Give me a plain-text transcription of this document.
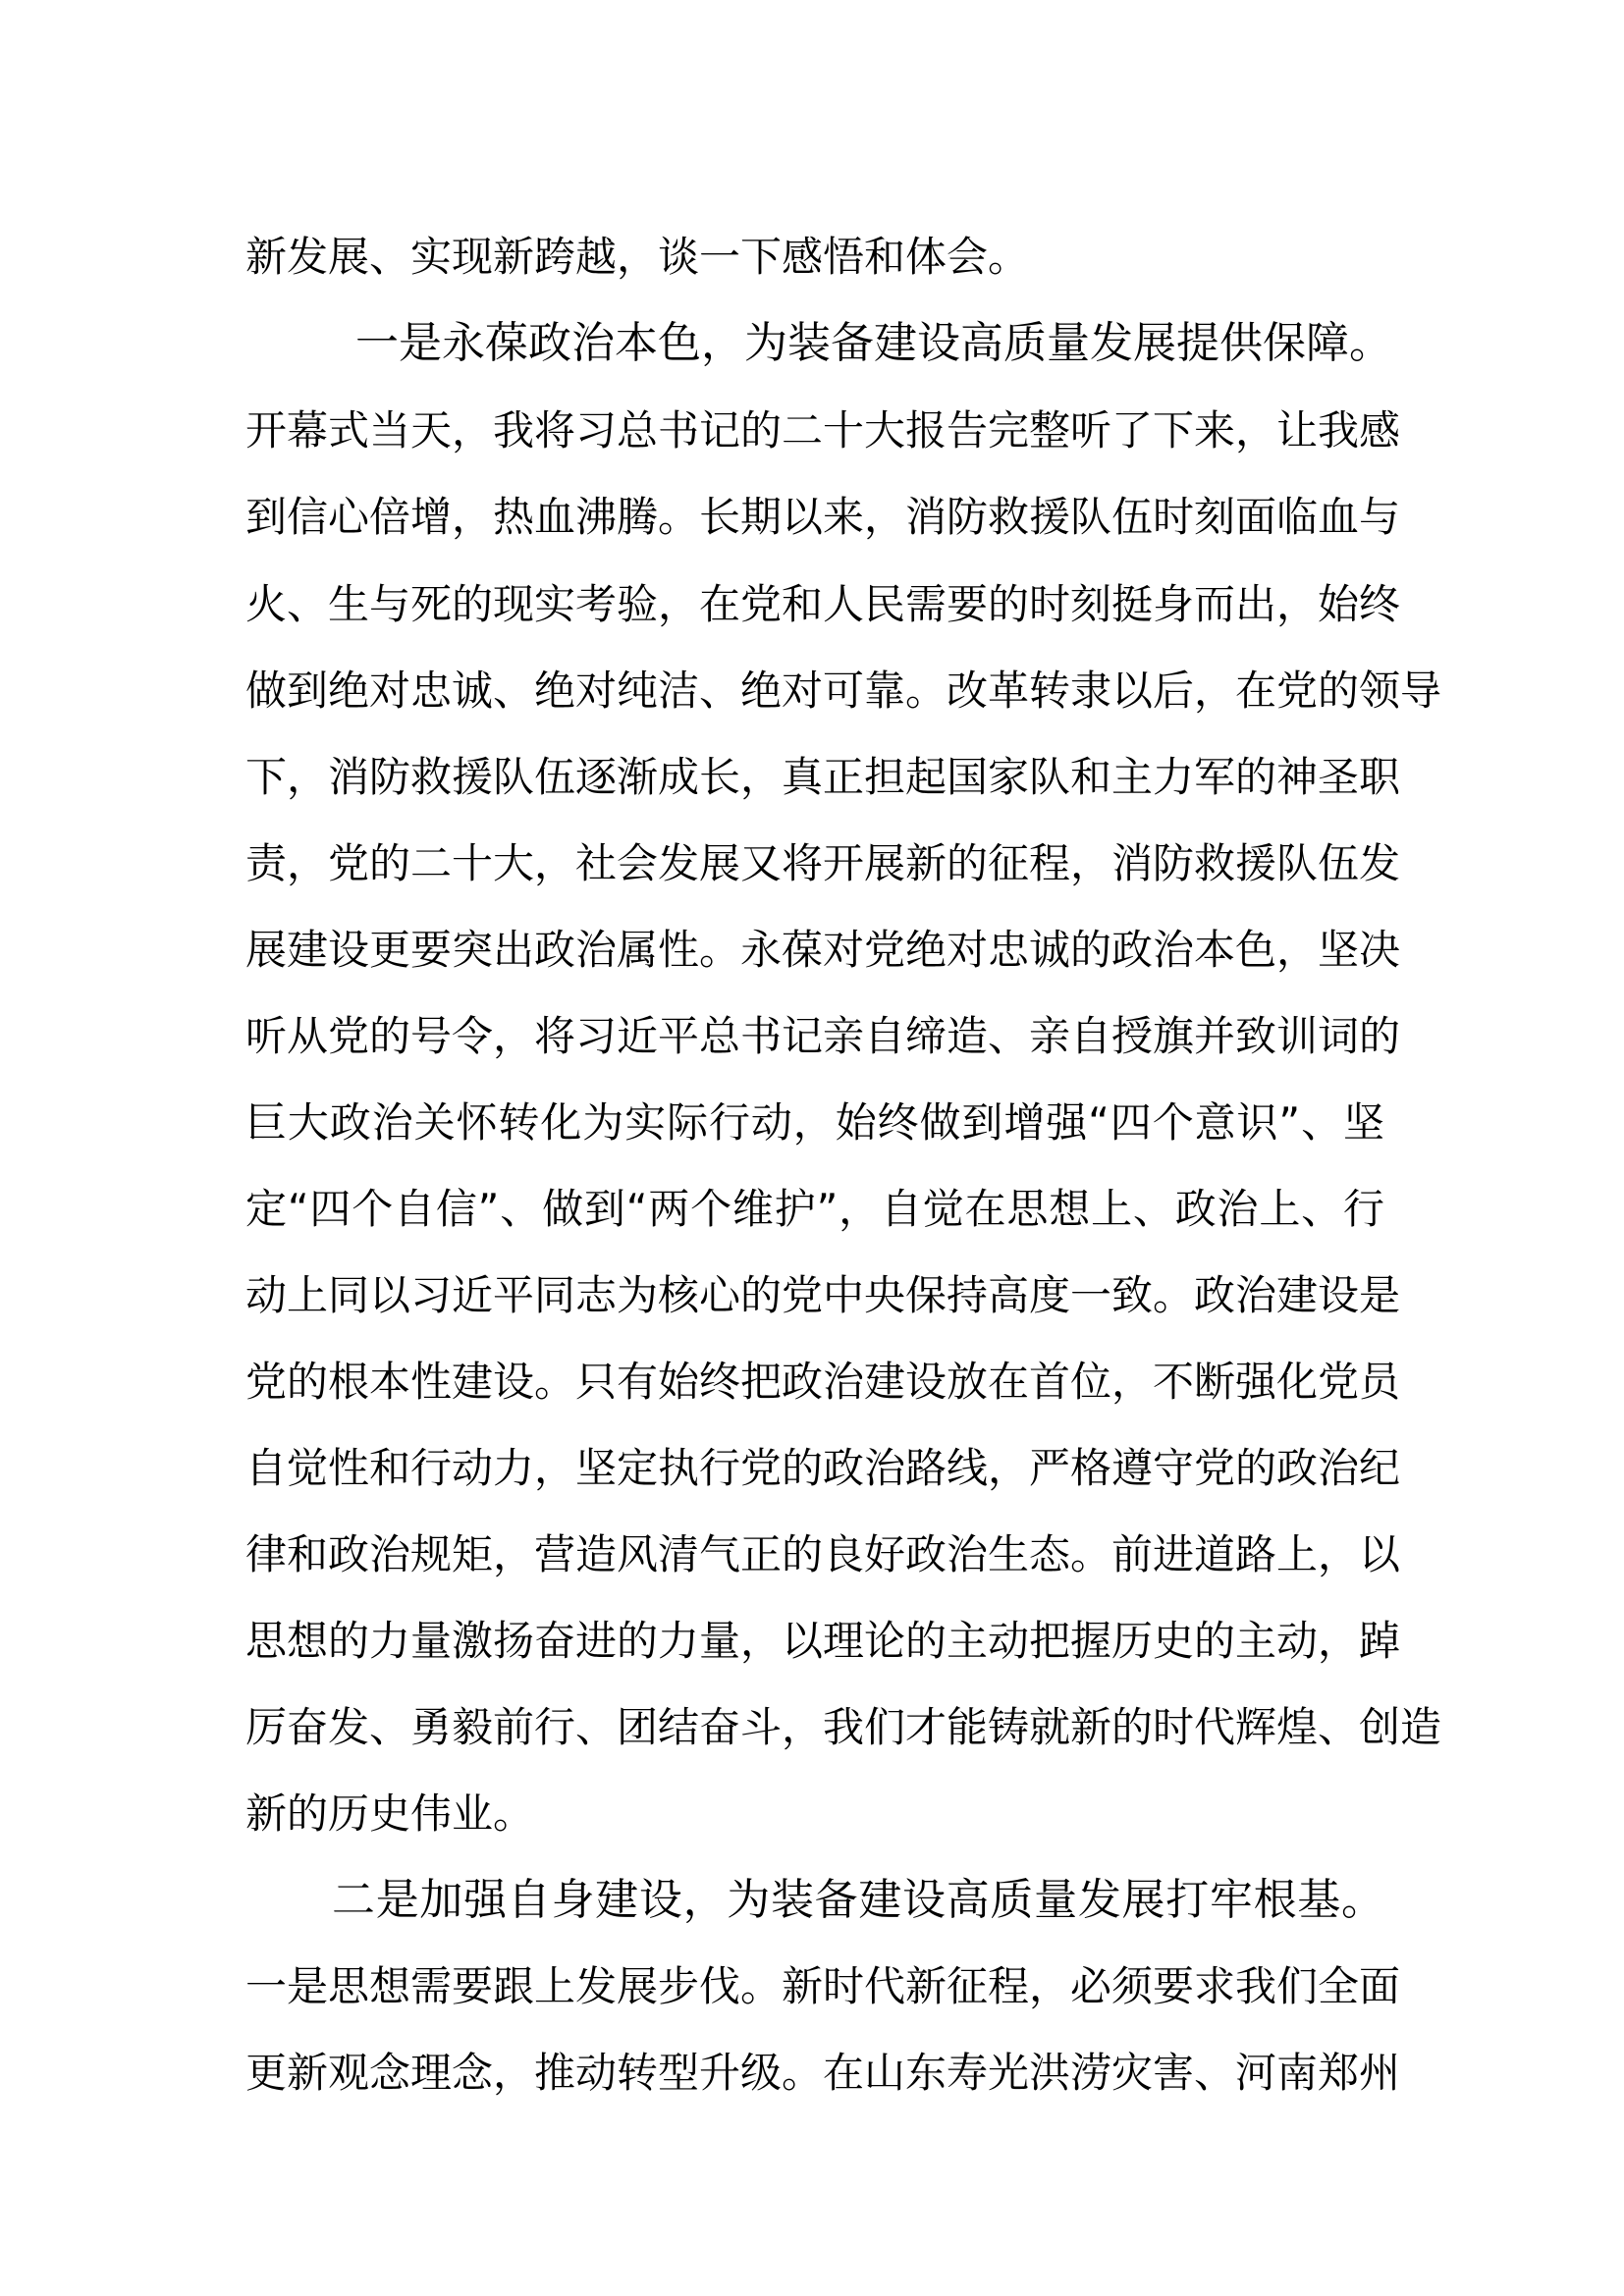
新发展、实现新跨越，谈一下感悟和体会。
一是永葆政治本色，为装备建设高质量发展提供保障。
开幕式当天，我将习总书记的二十大报告完整听了下来，让我感
到信心倍增，热血沸腾。长期以来，消防救援队伍时刻面临血与
火、生与死的现实考验，在党和人民需要的时刻挺身而出，始终
做到绝对忠诚、绝对纯洁、绝对可靠。改革转隶以后，在党的领导
下，消防救援队伍逐渐成长，真正担起国家队和主力军的神圣职
责，党的二十大，社会发展又将开展新的征程，消防救援队伍发
展建设更要突出政治属性。永葆对党绝对忠诚的政治本色，坚决
听从党的号令，将习近平总书记亲自缔造、亲自授旗并致训词的
巨大政治关怀转化为实际行动，始终做到增强“四个意识”、坚
定“四个自信”、做到“两个维护”，自觉在思想上、政治上、行
动上同以习近平同志为核心的党中央保持高度一致。政治建设是
党的根本性建设。只有始终把政治建设放在首位，不断强化党员
自觉性和行动力，坚定执行党的政治路线，严格遵守党的政治纪
律和政治规矩，营造风清气正的良好政治生态。前进道路上，以
思想的力量激扬奋进的力量，以理论的主动把握历史的主动，踔
厉奋发、勇毅前行、团结奋斗，我们才能铸就新的时代辉煌、创造
新的历史伟业。
二是加强自身建设，为装备建设高质量发展打牢根基。
一是思想需要跟上发展步伐。新时代新征程，必须要求我们全面
更新观念理念，推动转型升级。在山东寿光洪涝灾害、河南郑州
